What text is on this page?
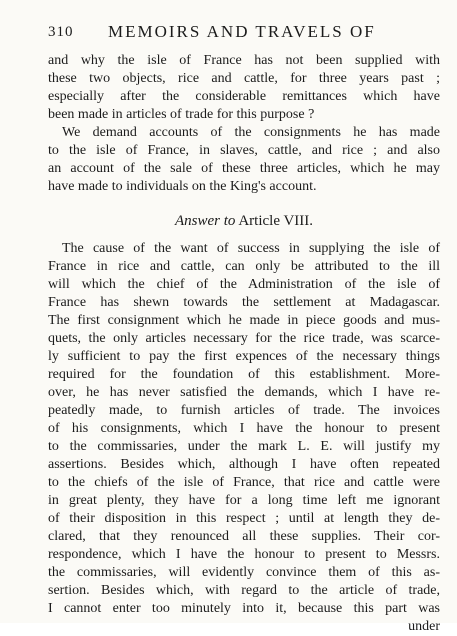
310 MEMOIRS AND TRAVELS OF
and why the isle of France has not been supplied with
these two objects, rice and cattle, for three years past ;
especially after the considerable remittances which have
been made in articles of trade for this purpose ?
We demand accounts of the consignments he has made
to the isle of France, in slaves, cattle, and rice ; and also
an account of the sale of these three articles, which he may
have made to individuals on the King's account.
Answer to Article VIII.
The cause of the want of success in supplying the isle of
France in rice and cattle, can only be attributed to the ill
will which the chief of the Administration of the isle of
France has shewn towards the settlement at Madagascar.
The first consignment which he made in piece goods and mus-
quets, the only articles necessary for the rice trade, was scarce-
ly sufficient to pay the first expences of the necessary things
required for the foundation of this establishment. More-
over, he has never satisfied the demands, which I have re-
peatedly made, to furnish articles of trade. The invoices
of his consignments, which I have the honour to present
to the commissaries, under the mark L. E. will justify my
assertions. Besides which, although I have often repeated
to the chiefs of the isle of France, that rice and cattle were
in great plenty, they have for a long time left me ignorant
of their disposition in this respect ; until at length they de-
clared, that they renounced all these supplies. Their cor-
respondence, which I have the honour to present to Messrs.
the commissaries, will evidently convince them of this as-
sertion. Besides which, with regard to the article of trade,
I cannot enter too minutely into it, because this part was
under
